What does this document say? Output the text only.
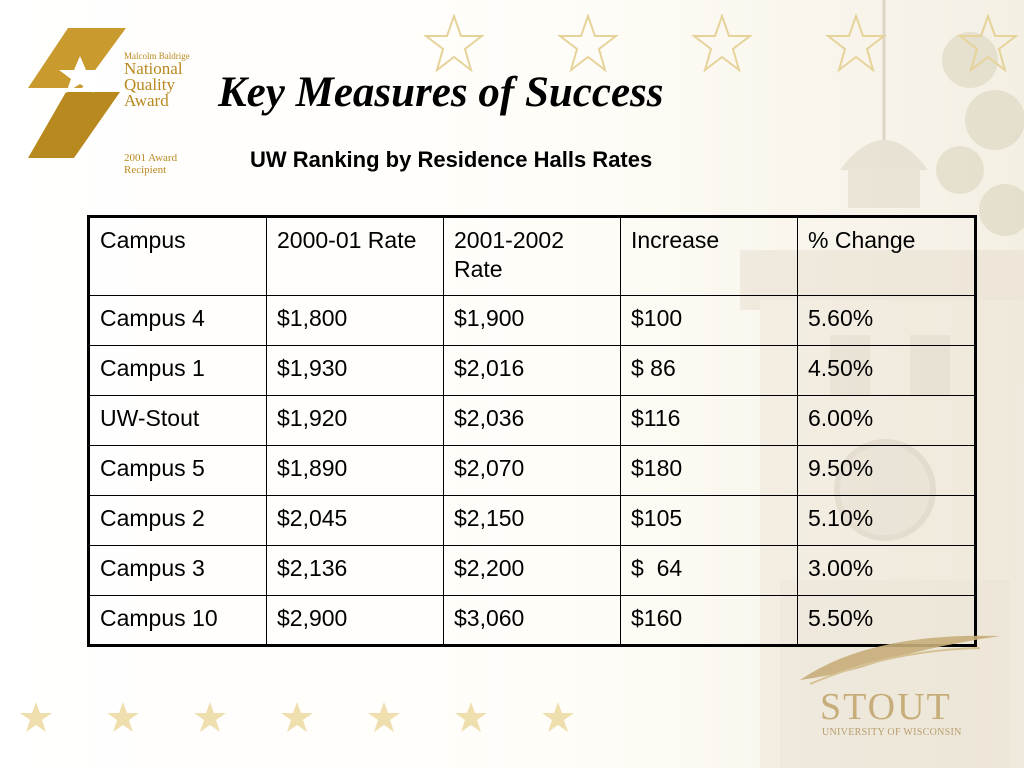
Malcolm Baldrige
National
Quality
Award
2001 Award Recipient
Key Measures of Success
UW Ranking by Residence Halls Rates
Campus	2000-01 Rate	2001-2002 Rate	Increase	% Change
Campus 4	$1,800	$1,900	$100	5.60%
Campus 1	$1,930	$2,016	$ 86	4.50%
UW-Stout	$1,920	$2,036	$116	6.00%
Campus 5	$1,890	$2,070	$180	9.50%
Campus 2	$2,045	$2,150	$105	5.10%
Campus 3	$2,136	$2,200	$  64	3.00%
Campus 10	$2,900	$3,060	$160	5.50%

STOUT

UNIVERSITY OF WISCONSIN
